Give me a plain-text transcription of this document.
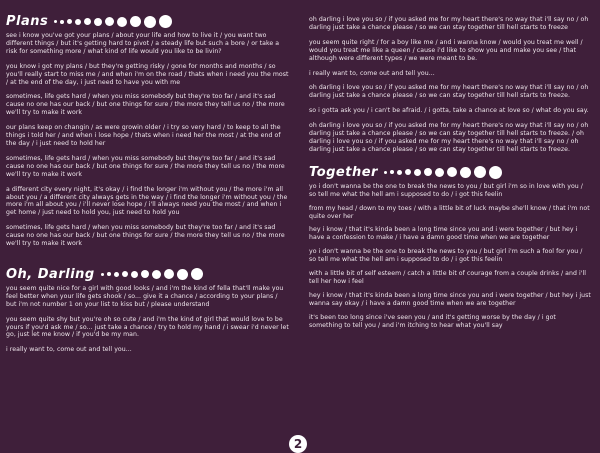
Plans

see i know you've got your plans / about your life and how to live it / you want two different things / but it's getting hard to pivot / a steady life but such a bore / or take a risk for something more / what kind of life would you like to be livin?

you know i got my plans / but they're getting risky / gone for months and months / so you'll really start to miss me / and when i'm on the road / thats when i need you the most / at the end of the day, i just need to have you with me

sometimes, life gets hard / when you miss somebody but they're too far / and it's sad cause no one has our back / but one things for sure / the more they tell us no / the more we'll try to make it work

our plans keep on changin / as were growin older / i try so very hard / to keep to all the things i told her / and when i lose hope / thats when i need her the most / at the end of the day / i just need to hold her

sometimes, life gets hard / when you miss somebody but they're too far / and it's sad cause no one has our back / but one things for sure / the more they tell us no / the more we'll try to make it work

a different city every night, it's okay / i find the longer i'm without you / the more i'm all about you / a different city always gets in the way / i find the longer i'm without you / the more i'm all about you / i'll never lose hope / i'll always need you the most / and when i get home / just need to hold you, just need to hold you

sometimes, life gets hard / when you miss somebody but they're too far / and it's sad cause no one has our back / but one things for sure / the more they tell us no / the more we'll try to make it work

Oh, Darling

you seem quite nice for a girl with good looks / and i'm the kind of fella that'll make you feel better when your life gets shook / so... give it a chance / according to your plans / but i'm not number 1 on your list to kiss but / please understand

you seem quite shy but you're oh so cute / and i'm the kind of girl that would love to be yours if you'd ask me / so... just take a chance / try to hold my hand / i swear i'd never let go, just let me know / if you'd be my man.

i really want to, come out and tell you...

oh darling i love you so / if you asked me for my heart there's no way that i'll say no / oh darling just take a chance please / so we can stay together till hell starts to freeze

you seem quite right / for a boy like me / and i wanna know / would you treat me well / would you treat me like a queen / cause i'd like to show you and make you see / that although were different types / we were meant to be.

i really want to, come out and tell you...

oh darling i love you so / if you asked me for my heart there's no way that i'll say no / oh darling just take a chance please / so we can stay together till hell starts to freeze.

so i gotta ask you / i can't be afraid. / i gotta, take a chance at love so / what do you say.

oh darling i love you so / if you asked me for my heart there's no way that i'll say no / oh darling just take a chance please / so we can stay together till hell starts to freeze. / oh darling i love you so / if you asked me for my heart there's no way that i'll say no / oh darling just take a chance please / so we can stay together till hell starts to freeze.

Together

yo i don't wanna be the one to break the news to you / but girl i'm so in love with you / so tell me what the hell am i supposed to do / i got this feelin

from my head / down to my toes / with a little bit of luck maybe she'll know / that i'm not quite over her

hey i know / that it's kinda been a long time since you and i were together / but hey i have a confession to make / i have a damn good time when we are together

yo i don't wanna be the one to break the news to you / but girl i'm such a fool for you / so tell me what the hell am i supposed to do / i got this feelin

with a little bit of self esteem / catch a little bit of courage from a couple drinks / and i'll tell her how i feel

hey i know / that it's kinda been a long time since you and i were together / but hey i just wanna say okay / i have a damn good time when we are together

it's been too long since i've seen you / and it's getting worse by the day / i got something to tell you / and i'm itching to hear what you'll say

2
